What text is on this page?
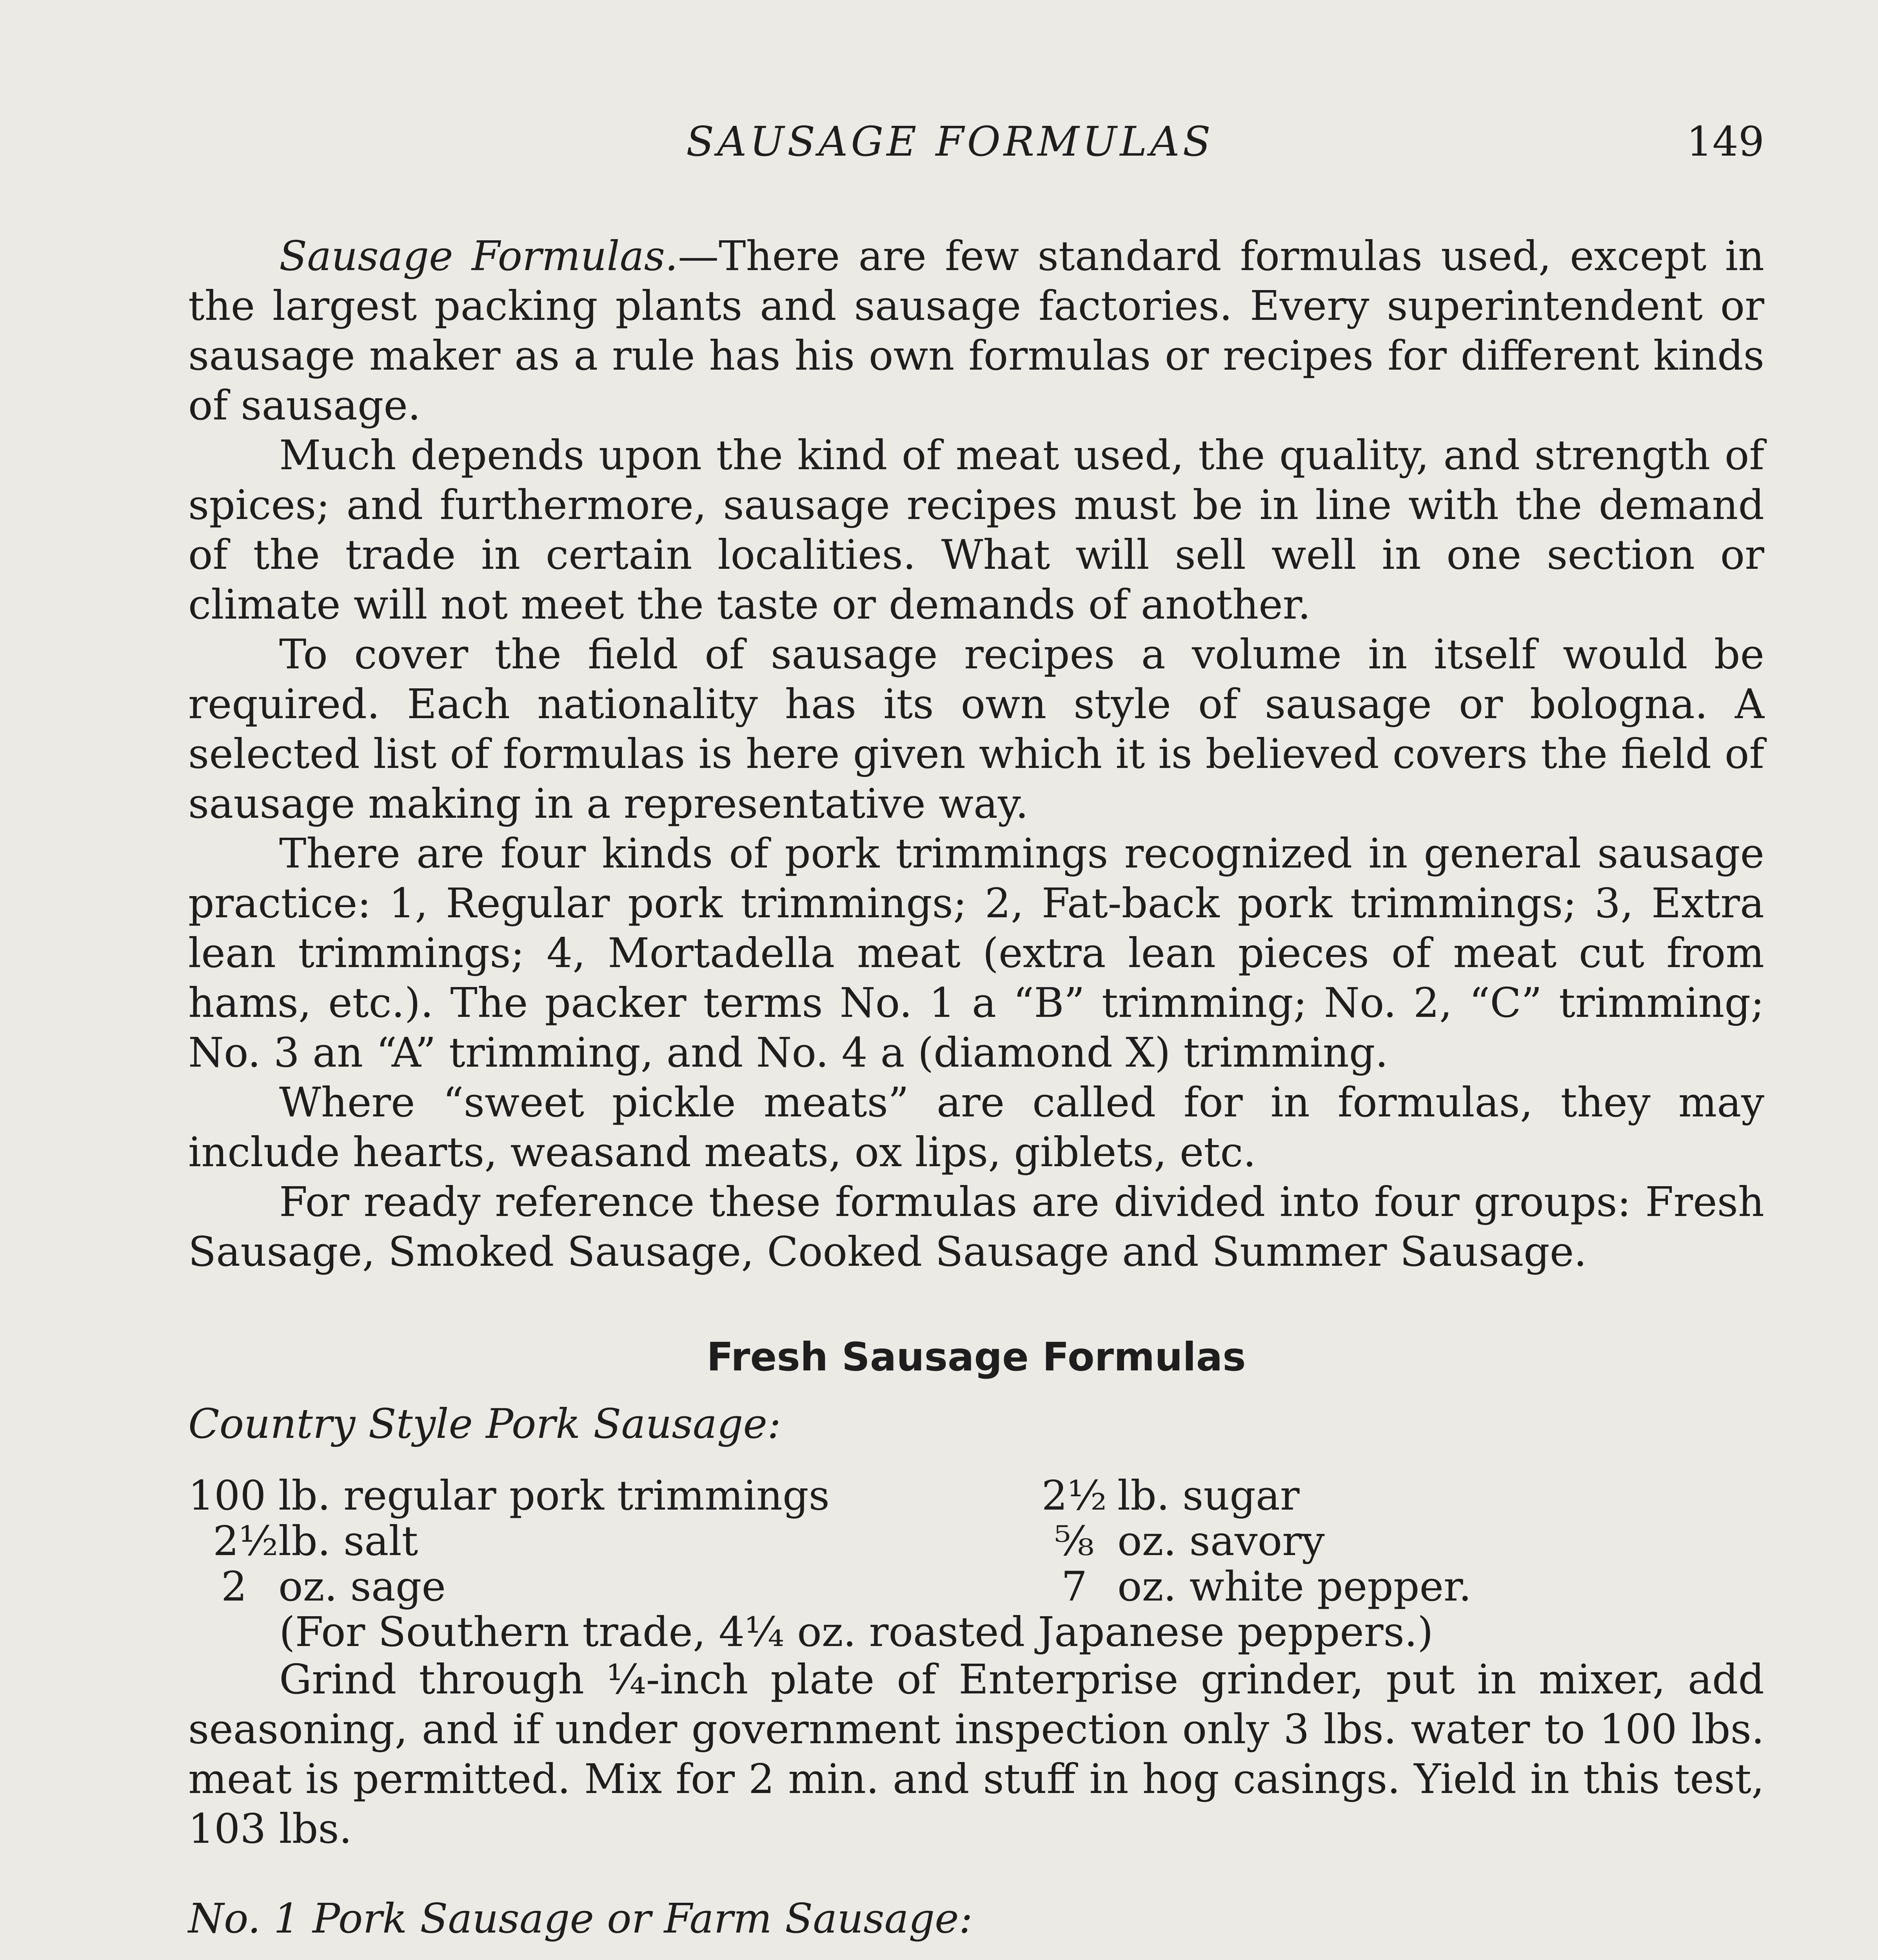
SAUSAGE FORMULAS	149

Sausage Formulas.—There are few standard formulas used, except in the largest packing plants and sausage factories. Every superintendent or sausage maker as a rule has his own formulas or recipes for different kinds of sausage.

Much depends upon the kind of meat used, the quality, and strength of spices; and furthermore, sausage recipes must be in line with the demand of the trade in certain localities. What will sell well in one section or climate will not meet the taste or demands of another.

To cover the field of sausage recipes a volume in itself would be required. Each nationality has its own style of sausage or bologna. A selected list of formulas is here given which it is believed covers the field of sausage making in a representative way.

There are four kinds of pork trimmings recognized in general sausage practice: 1, Regular pork trimmings; 2, Fat-back pork trimmings; 3, Extra lean trimmings; 4, Mortadella meat (extra lean pieces of meat cut from hams, etc.). The packer terms No. 1 a “B” trimming; No. 2, “C” trimming; No. 3 an “A” trimming, and No. 4 a (diamond X) trimming.

Where “sweet pickle meats” are called for in formulas, they may include hearts, weasand meats, ox lips, giblets, etc.

For ready reference these formulas are divided into four groups: Fresh Sausage, Smoked Sausage, Cooked Sausage and Summer Sausage.

Fresh Sausage Formulas
Country Style Pork Sausage:
100 lb. regular pork trimmings	2½ lb. sugar
2½ lb. salt	⅝ oz. savory
2 oz. sage	7 oz. white pepper.
(For Southern trade, 4¼ oz. roasted Japanese peppers.)

Grind through ¼-inch plate of Enterprise grinder, put in mixer, add seasoning, and if under government inspection only 3 lbs. water to 100 lbs. meat is permitted. Mix for 2 min. and stuff in hog casings. Yield in this test, 103 lbs.

No. 1 Pork Sausage or Farm Sausage:
